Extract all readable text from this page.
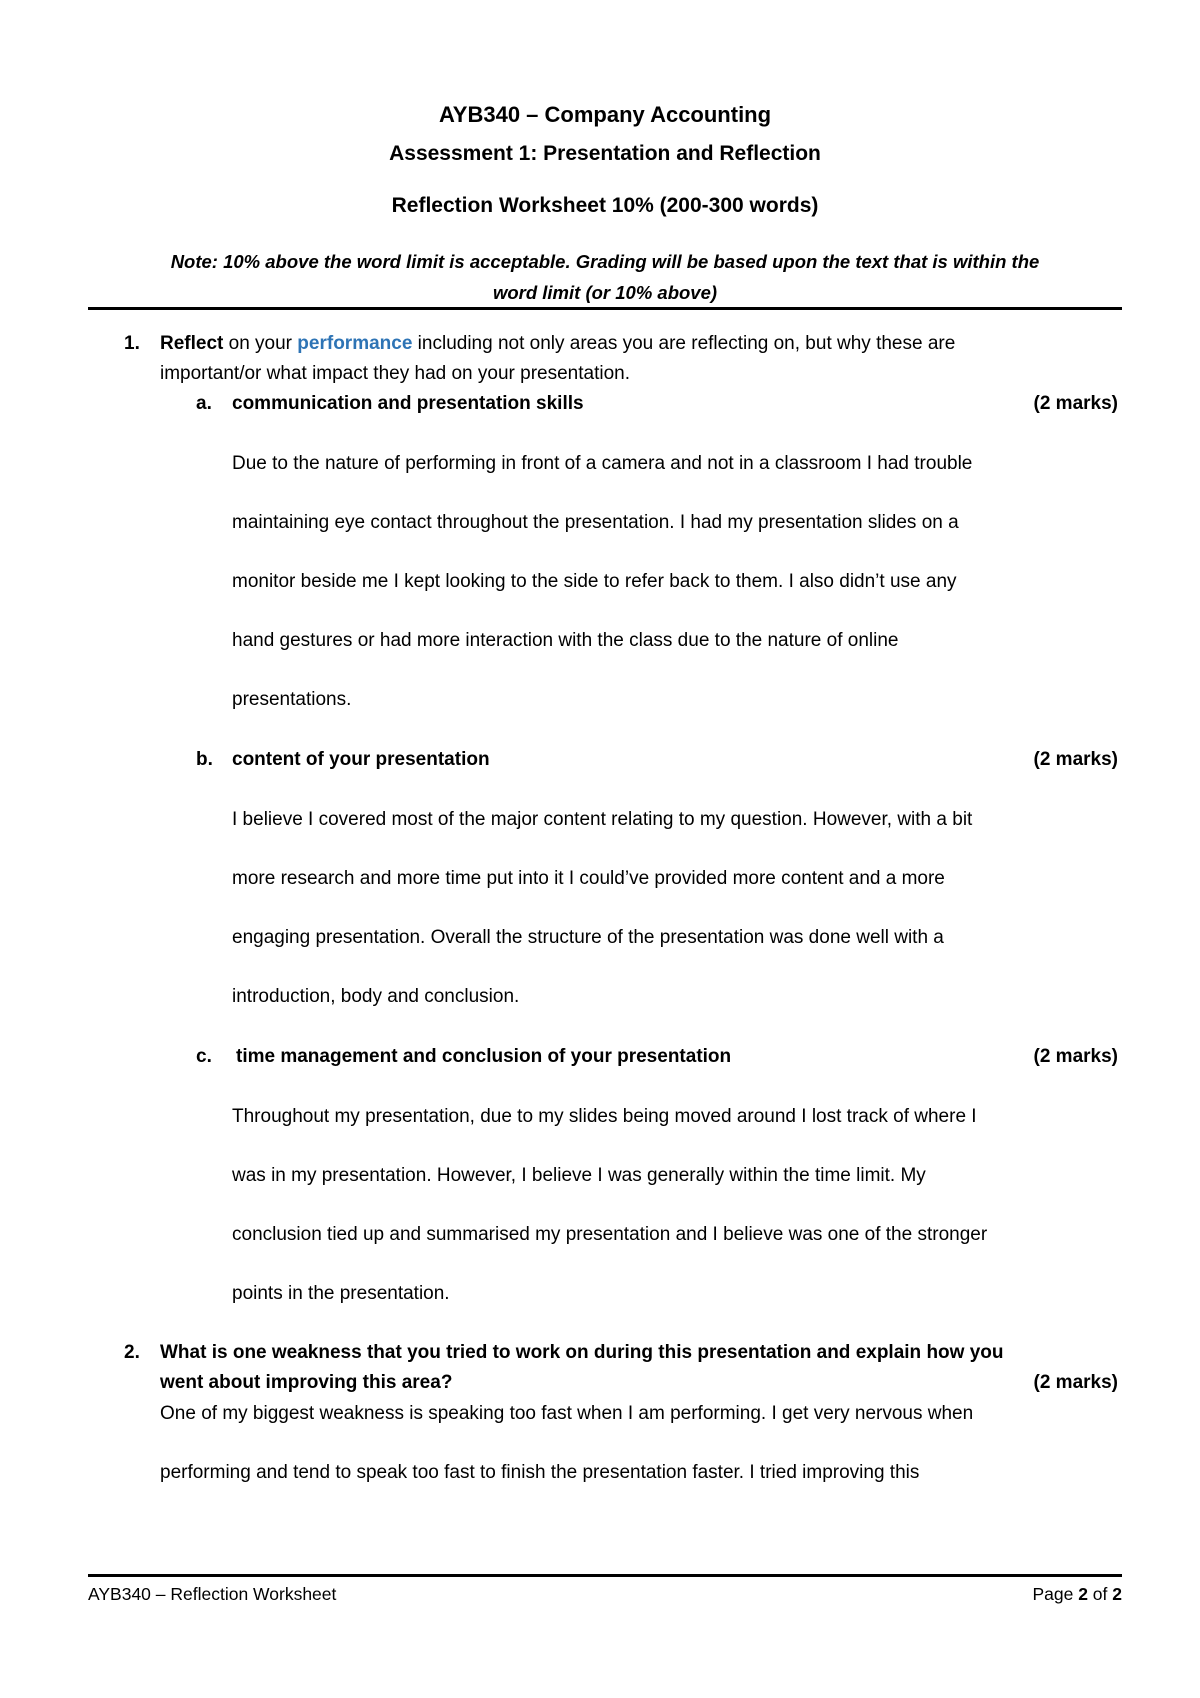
AYB340 – Company Accounting
Assessment 1: Presentation and Reflection
Reflection Worksheet 10% (200-300 words)
Note: 10% above the word limit is acceptable. Grading will be based upon the text that is within the
word limit (or 10% above)
1. Reflect on your performance including not only areas you are reflecting on, but why these are
important/or what impact they had on your presentation.
a. communication and presentation skills	(2 marks)
Due to the nature of performing in front of a camera and not in a classroom I had trouble
maintaining eye contact throughout the presentation. I had my presentation slides on a
monitor beside me I kept looking to the side to refer back to them. I also didn’t use any
hand gestures or had more interaction with the class due to the nature of online
presentations.
b. content of your presentation	(2 marks)
I believe I covered most of the major content relating to my question. However, with a bit
more research and more time put into it I could’ve provided more content and a more
engaging presentation. Overall the structure of the presentation was done well with a
introduction, body and conclusion.
c. time management and conclusion of your presentation	(2 marks)
Throughout my presentation, due to my slides being moved around I lost track of where I
was in my presentation. However, I believe I was generally within the time limit. My
conclusion tied up and summarised my presentation and I believe was one of the stronger
points in the presentation.
2. What is one weakness that you tried to work on during this presentation and explain how you
went about improving this area?	(2 marks)
One of my biggest weakness is speaking too fast when I am performing. I get very nervous when
performing and tend to speak too fast to finish the presentation faster. I tried improving this
AYB340 – Reflection Worksheet	Page 2 of 2
